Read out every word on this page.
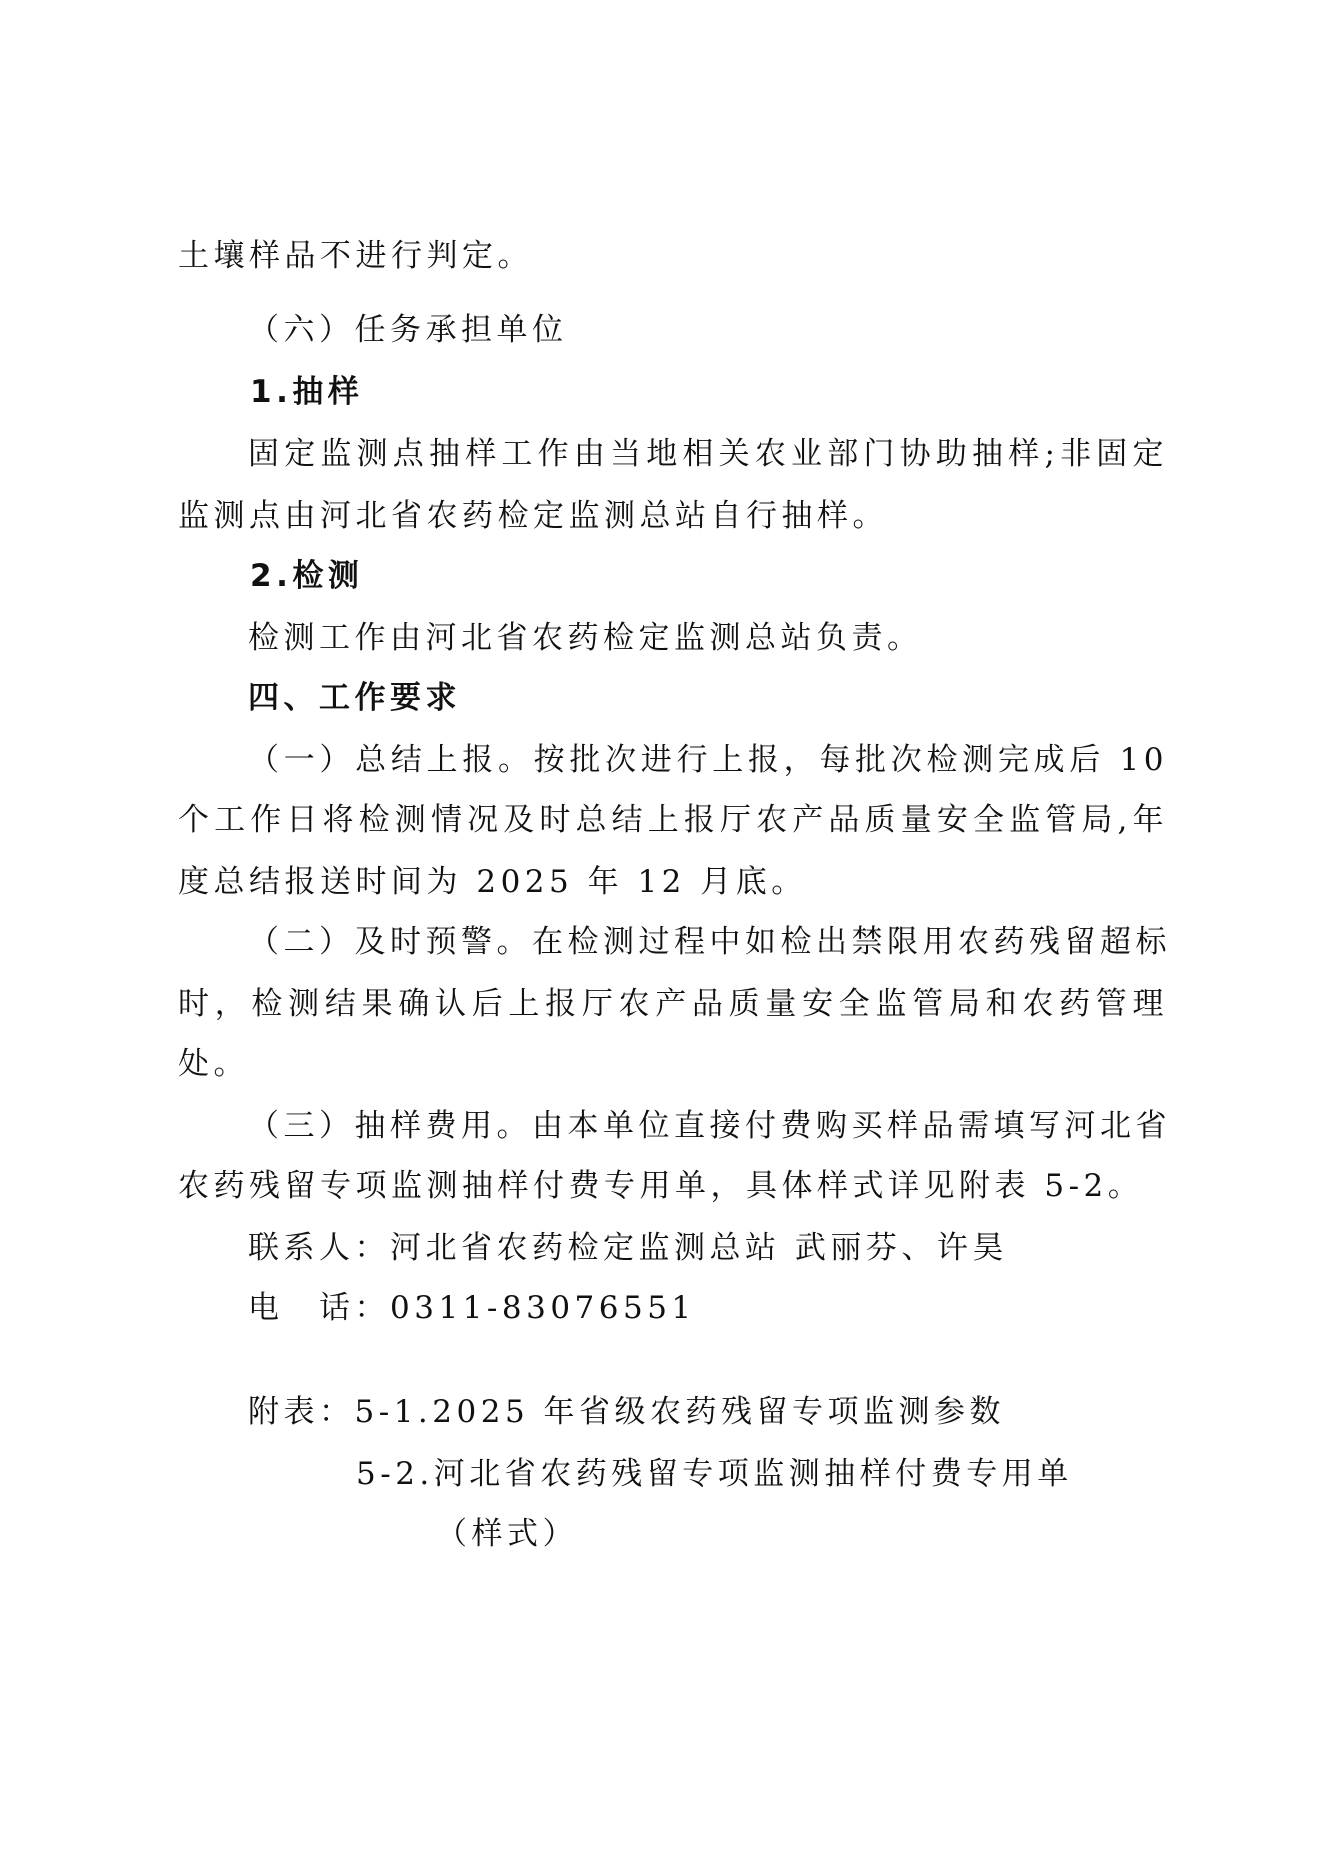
土壤样品不进行判定。
（六）任务承担单位
1.抽样
固定监测点抽样工作由当地相关农业部门协助抽样;非固定
监测点由河北省农药检定监测总站自行抽样。
2.检测
检测工作由河北省农药检定监测总站负责。
四、工作要求
（一）总结上报。按批次进行上报，每批次检测完成后 10
个工作日将检测情况及时总结上报厅农产品质量安全监管局,年
度总结报送时间为 2025 年 12 月底。
（二）及时预警。在检测过程中如检出禁限用农药残留超标
时，检测结果确认后上报厅农产品质量安全监管局和农药管理
处。
（三）抽样费用。由本单位直接付费购买样品需填写河北省
农药残留专项监测抽样付费专用单，具体样式详见附表 5-2。
联系人：河北省农药检定监测总站 武丽芬、许昊
电　话：0311-83076551
附表：5-1.2025 年省级农药残留专项监测参数
5-2.河北省农药残留专项监测抽样付费专用单
（样式）
